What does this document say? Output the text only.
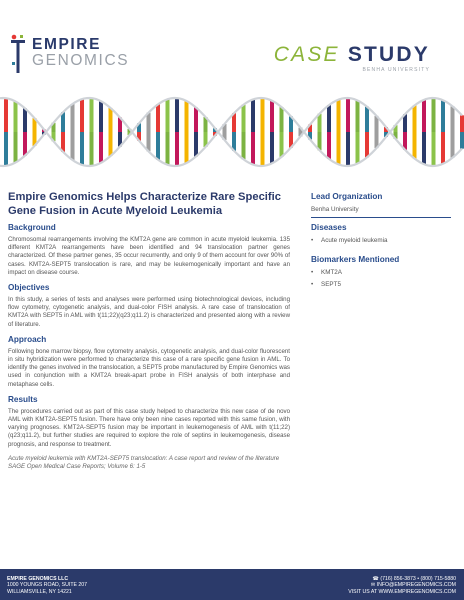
EMPIRE
GENOMICS	CASE STUDY
BENHA UNIVERSITY
Empire Genomics Helps Characterize Rare Specific Gene Fusion in Acute Myeloid Leukemia
Background
Chromosomal rearrangements involving the KMT2A gene are common in acute myeloid leukemia. 135 different KMT2A rearrangements have been identified and 94 translocation partner genes characterized. Of these partner genes, 35 occur recurrently, and only 9 of them account for over 90% of cases. KMT2A-SEPT5 translocation is rare, and may be leukemogenically important and have an impact on disease course.
Objectives
In this study, a series of tests and analyses were performed using biotechnological devices, including flow cytometry, cytogenetic analysis, and dual-color FISH analysis. A rare case of translocation of KMT2A with SEPT5 in AML with t(11;22)(q23;q11.2) is characterized and presented along with a review of literature.
Approach
Following bone marrow biopsy, flow cytometry analysis, cytogenetic analysis, and dual-color fluorescent in situ hybridization were performed to characterize this case of a rare specific gene fusion in AML. To identify the genes involved in the translocation, a SEPT5 probe manufactured by Empire Genomics was used in conjunction with a KMT2A break-apart probe in FISH analysis of both interphase and metaphase cells.
Results
The procedures carried out as part of this case study helped to characterize this new case of de novo AML with KMT2A-SEPT5 fusion. There have only been nine cases reported with this same fusion, with varying prognoses. KMT2A-SEPT5 fusion may be important in leukemogenesis of AML with t(11;22)(q23;q11.2), but further studies are required to explore the role of septins in leukemogenesis, disease prognosis, and response to treatment.
Acute myeloid leukemia with KMT2A-SEPT5 translocation: A case report and review of the literature
SAGE Open Medical Case Reports; Volume 6: 1-5
Lead Organization
Benha University
Diseases
•	Acute myeloid leukemia
Biomarkers Mentioned
•	KMT2A
•	SEPT5
EMPIRE GENOMICS LLC
1000 YOUNGS ROAD, SUITE 207
WILLIAMSVILLE, NY 14221
☎ (716) 856-3873 • (800) 715-5880
✉ INFO@EMPIREGENOMICS.COM
VISIT US AT WWW.EMPIREGENOMICS.COM
